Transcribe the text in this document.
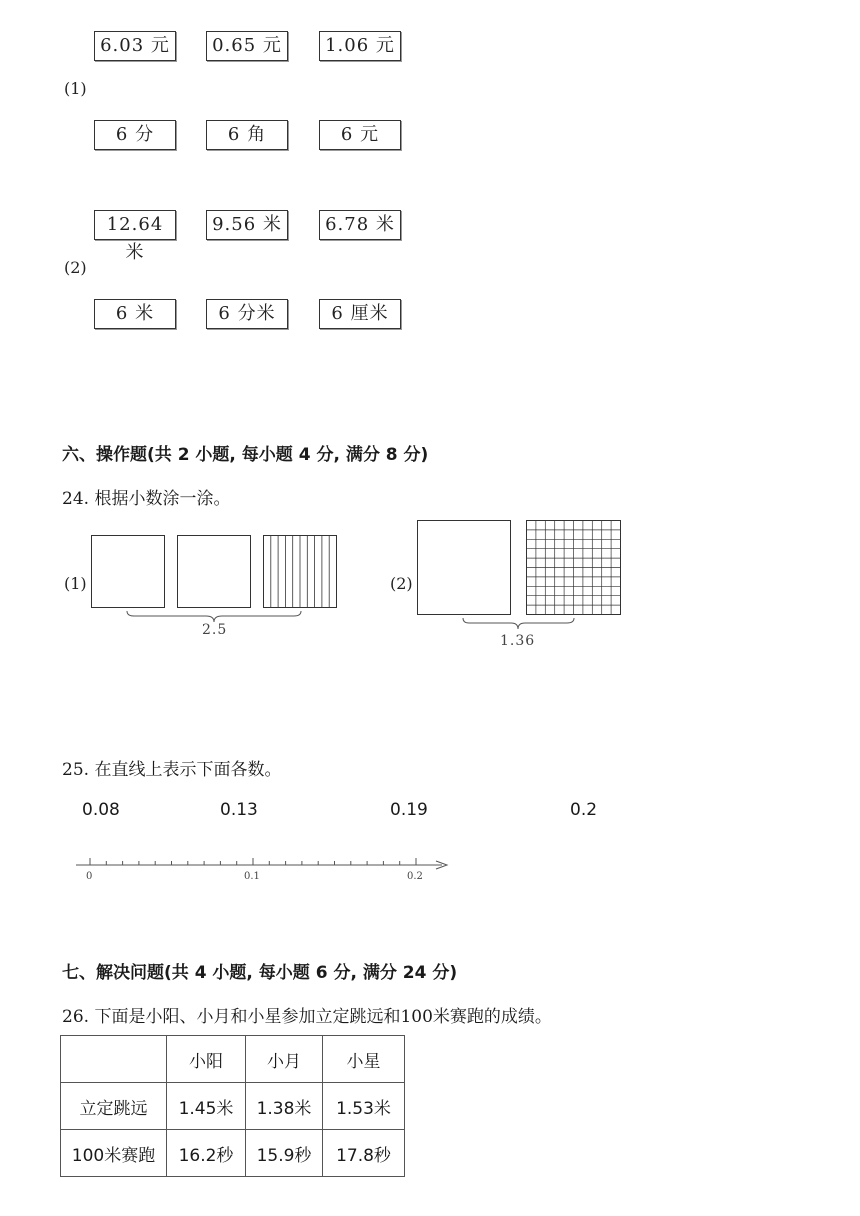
6.03 元	0.65 元	1.06 元
(1)
6 分	6 角	6 元
12.64 米
9.56 米	6.78 米
(2)
6 米	6 分米	6 厘米
六、操作题(共 2 小题, 每小题 4 分, 满分 8 分)
24. 根据小数涂一涂。
(1)
2.5
(2)
1.36
25. 在直线上表示下面各数。
0.08	0.13	0.19	0.2
0	0.1	0.2
七、解决问题(共 4 小题, 每小题 6 分, 满分 24 分)
26. 下面是小阳、小月和小星参加立定跳远和100米赛跑的成绩。
	小阳	小月	小星
立定跳远	1.45米	1.38米	1.53米
100米赛跑	16.2秒	15.9秒	17.8秒
